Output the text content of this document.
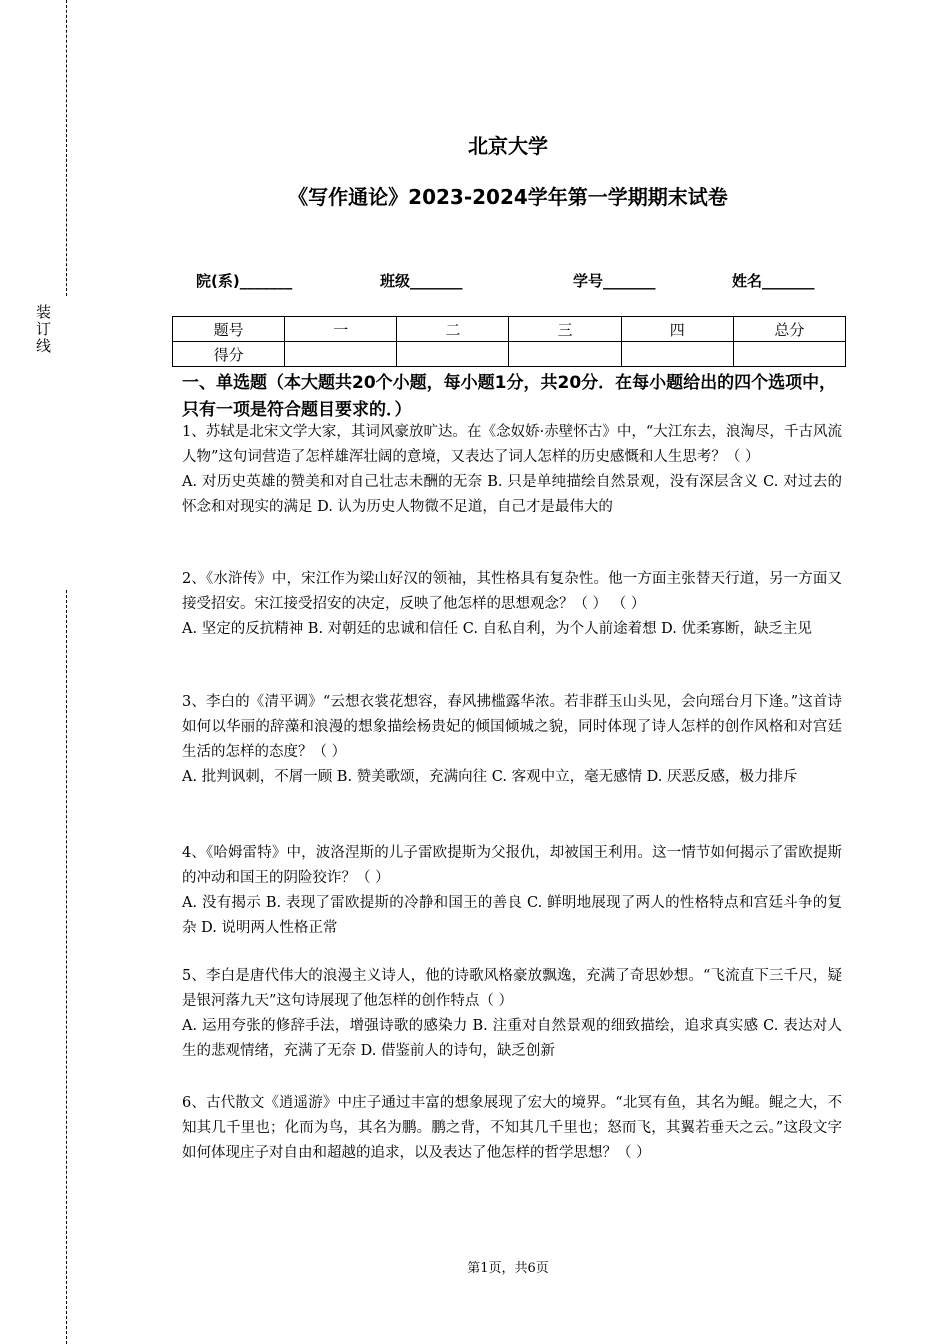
装订线
北京大学
《写作通论》2023-2024学年第一学期期末试卷
院(系)_______	班级_______	学号_______	姓名_______
题号	一	二	三	四	总分
得分					
一、单选题（本大题共20个小题，每小题1分，共20分．在每小题给出的四个选项中，只有一项是符合题目要求的．）
1、苏轼是北宋文学大家，其词风豪放旷达。在《念奴娇·赤壁怀古》中，“大江东去，浪淘尽，千古风流人物”这句词营造了怎样雄浑壮阔的意境，又表达了词人怎样的历史感慨和人生思考？（ ）
A. 对历史英雄的赞美和对自己壮志未酬的无奈 B. 只是单纯描绘自然景观，没有深层含义 C. 对过去的怀念和对现实的满足 D. 认为历史人物微不足道，自己才是最伟大的
2、《水浒传》中，宋江作为梁山好汉的领袖，其性格具有复杂性。他一方面主张替天行道，另一方面又接受招安。宋江接受招安的决定，反映了他怎样的思想观念？（ ） （ ）
A. 坚定的反抗精神 B. 对朝廷的忠诚和信任 C. 自私自利，为个人前途着想 D. 优柔寡断，缺乏主见
3、李白的《清平调》“云想衣裳花想容，春风拂槛露华浓。若非群玉山头见，会向瑶台月下逢。”这首诗如何以华丽的辞藻和浪漫的想象描绘杨贵妃的倾国倾城之貌，同时体现了诗人怎样的创作风格和对宫廷生活的怎样的态度？（ ）
A. 批判讽刺，不屑一顾 B. 赞美歌颂，充满向往 C. 客观中立，毫无感情 D. 厌恶反感，极力排斥
4、《哈姆雷特》中，波洛涅斯的儿子雷欧提斯为父报仇，却被国王利用。这一情节如何揭示了雷欧提斯的冲动和国王的阴险狡诈？（ ）
A. 没有揭示 B. 表现了雷欧提斯的冷静和国王的善良 C. 鲜明地展现了两人的性格特点和宫廷斗争的复杂 D. 说明两人性格正常
5、李白是唐代伟大的浪漫主义诗人，他的诗歌风格豪放飘逸，充满了奇思妙想。“飞流直下三千尺，疑是银河落九天”这句诗展现了他怎样的创作特点（ ）
A. 运用夸张的修辞手法，增强诗歌的感染力 B. 注重对自然景观的细致描绘，追求真实感 C. 表达对人生的悲观情绪，充满了无奈 D. 借鉴前人的诗句，缺乏创新
6、古代散文《逍遥游》中庄子通过丰富的想象展现了宏大的境界。“北冥有鱼，其名为鲲。鲲之大，不知其几千里也；化而为鸟，其名为鹏。鹏之背，不知其几千里也；怒而飞，其翼若垂天之云。”这段文字如何体现庄子对自由和超越的追求，以及表达了他怎样的哲学思想？（ ）
第1页，共6页
